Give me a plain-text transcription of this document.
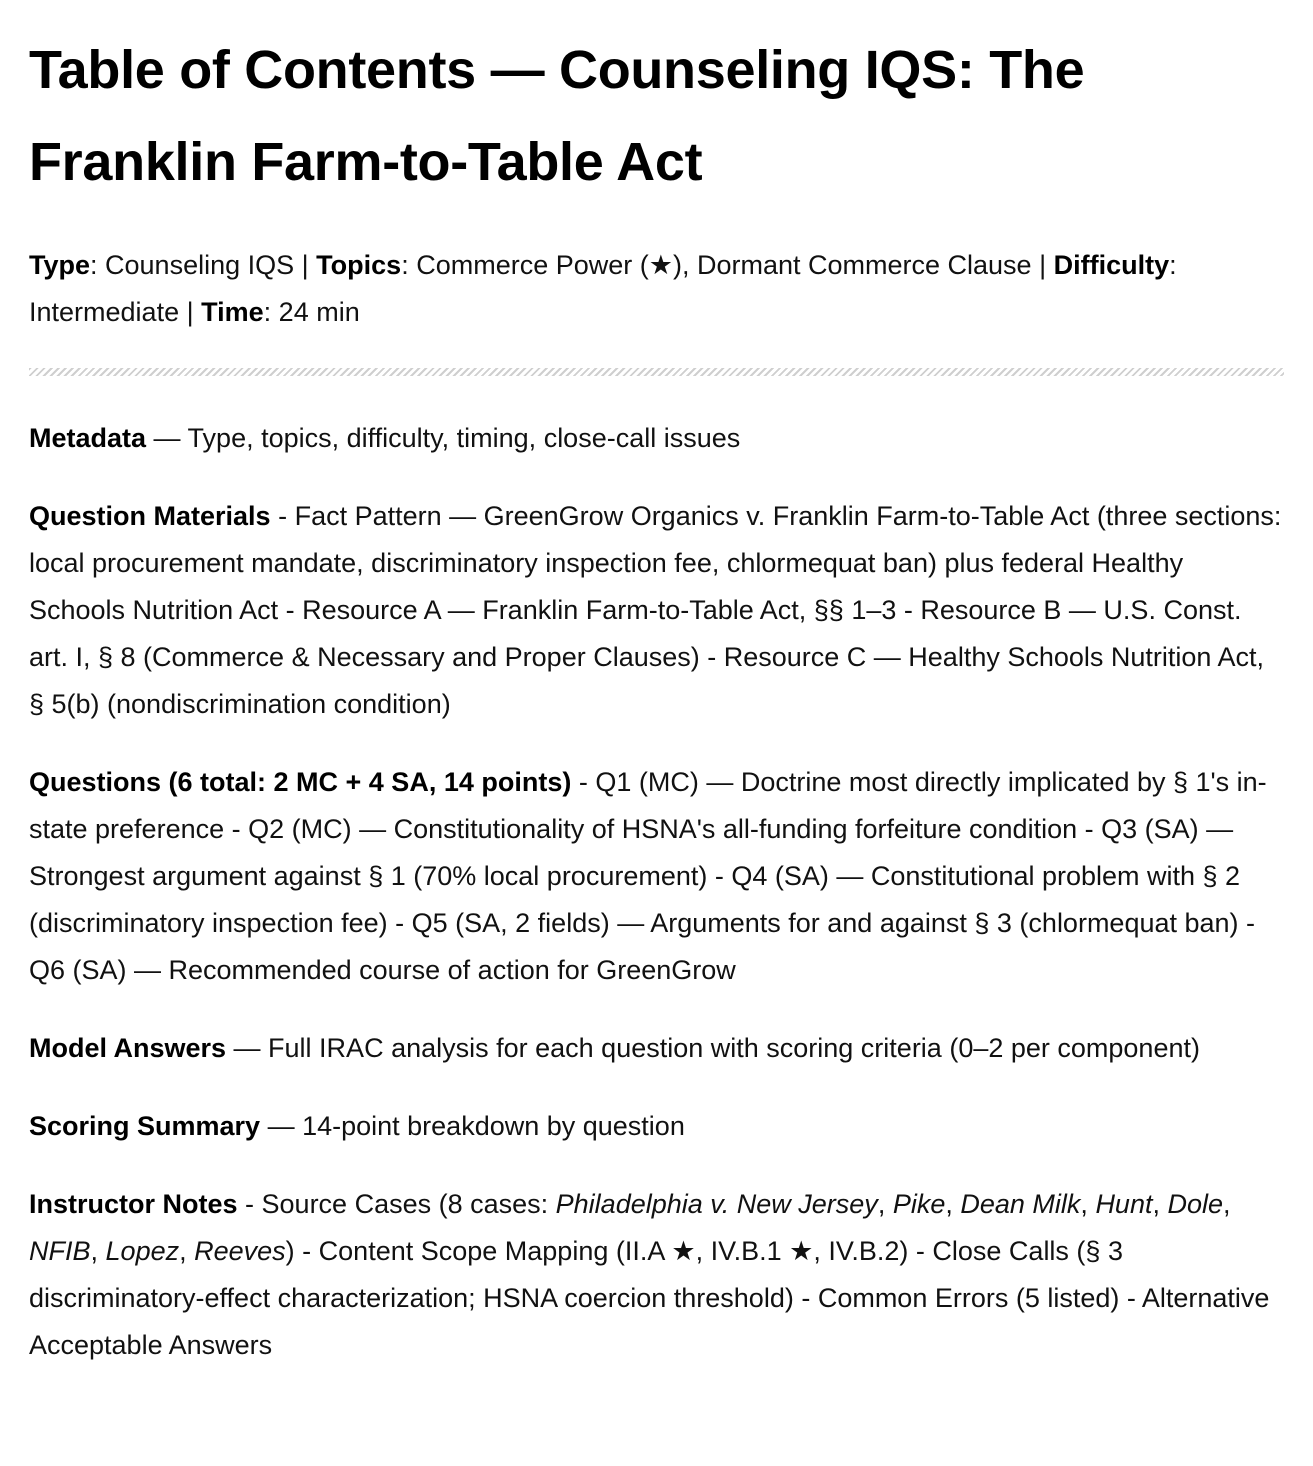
Table of Contents — Counseling IQS: The Franklin Farm-to-Table Act
Type: Counseling IQS | Topics: Commerce Power (★), Dormant Commerce Clause | Difficulty: Intermediate | Time: 24 min
Metadata — Type, topics, difficulty, timing, close-call issues
Question Materials - Fact Pattern — GreenGrow Organics v. Franklin Farm-to-Table Act (three sections: local procurement mandate, discriminatory inspection fee, chlormequat ban) plus federal Healthy Schools Nutrition Act - Resource A — Franklin Farm-to-Table Act, §§ 1–3 - Resource B — U.S. Const. art. I, § 8 (Commerce & Necessary and Proper Clauses) - Resource C — Healthy Schools Nutrition Act, § 5(b) (nondiscrimination condition)
Questions (6 total: 2 MC + 4 SA, 14 points) - Q1 (MC) — Doctrine most directly implicated by § 1's in-state preference - Q2 (MC) — Constitutionality of HSNA's all-funding forfeiture condition - Q3 (SA) — Strongest argument against § 1 (70% local procurement) - Q4 (SA) — Constitutional problem with § 2 (discriminatory inspection fee) - Q5 (SA, 2 fields) — Arguments for and against § 3 (chlormequat ban) - Q6 (SA) — Recommended course of action for GreenGrow
Model Answers — Full IRAC analysis for each question with scoring criteria (0–2 per component)
Scoring Summary — 14-point breakdown by question
Instructor Notes - Source Cases (8 cases: Philadelphia v. New Jersey, Pike, Dean Milk, Hunt, Dole, NFIB, Lopez, Reeves) - Content Scope Mapping (II.A ★, IV.B.1 ★, IV.B.2) - Close Calls (§ 3 discriminatory-effect characterization; HSNA coercion threshold) - Common Errors (5 listed) - Alternative Acceptable Answers
